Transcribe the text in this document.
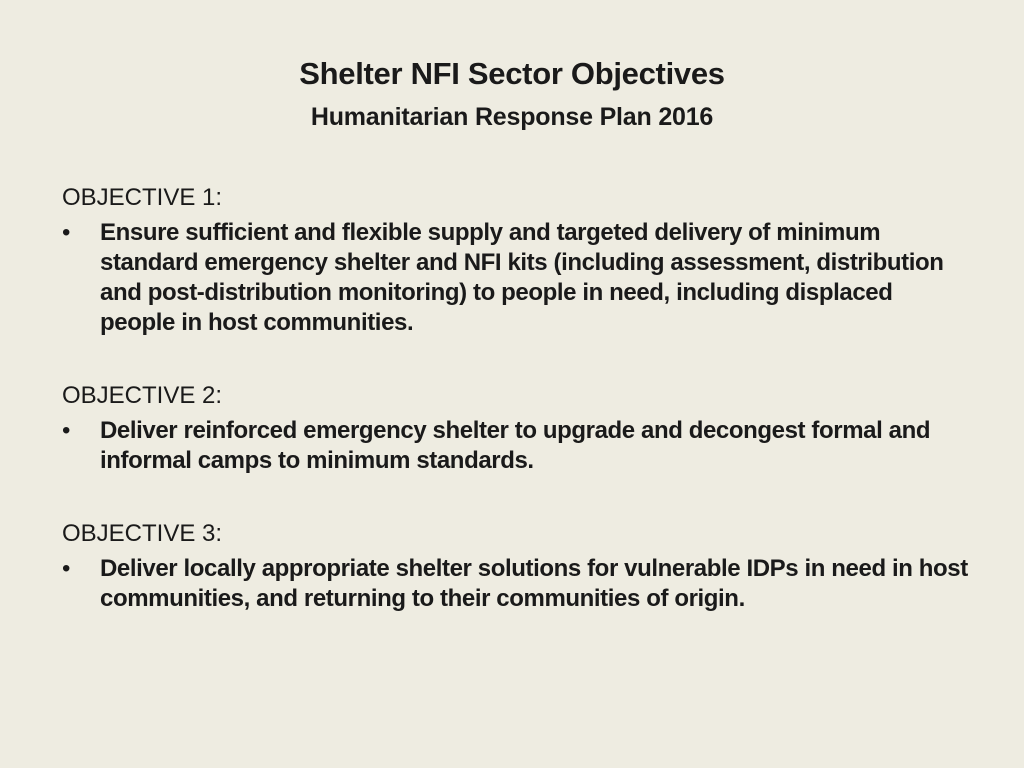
Shelter NFI Sector Objectives
Humanitarian Response Plan 2016
OBJECTIVE 1:
•	Ensure sufficient and flexible supply and targeted delivery of minimum standard emergency shelter and NFI kits (including assessment, distribution and post-distribution monitoring) to people in need, including displaced people in host communities.
OBJECTIVE 2:
•	Deliver reinforced emergency shelter to upgrade and decongest formal and informal camps to minimum standards.
OBJECTIVE 3:
•	Deliver locally appropriate shelter solutions for vulnerable IDPs in need in host communities, and returning to their communities of origin.
